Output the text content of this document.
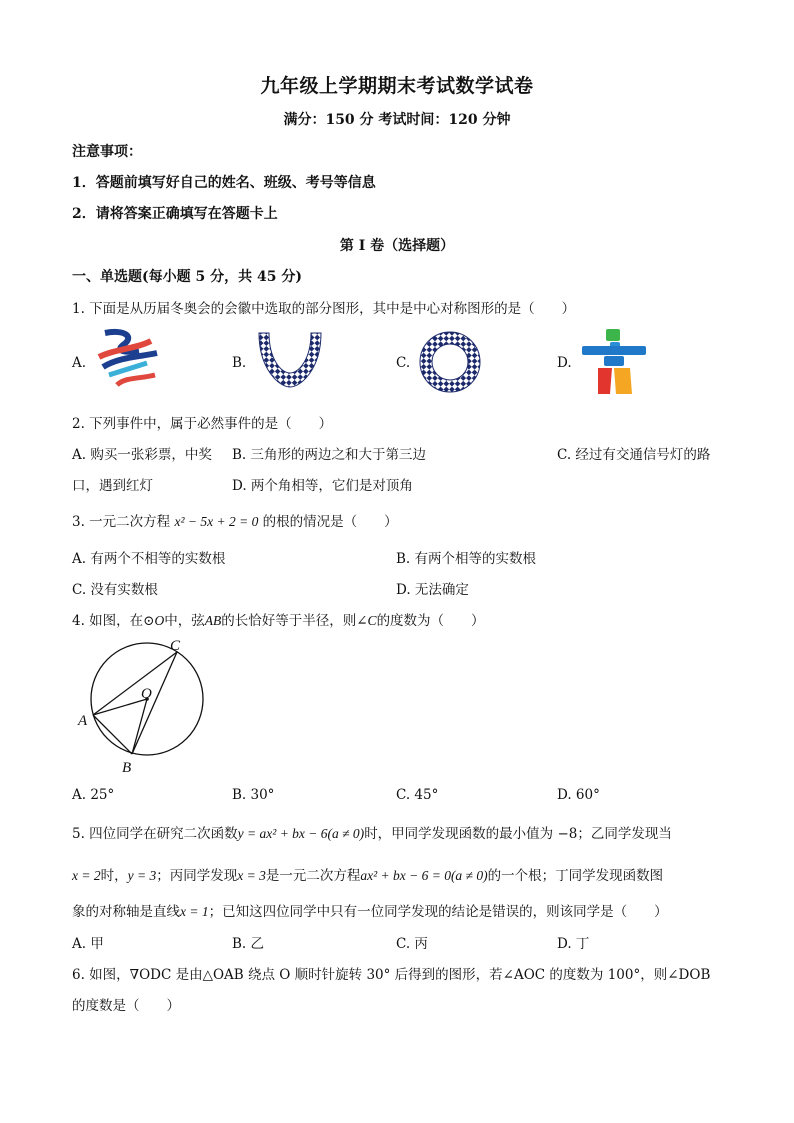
九年级上学期期末考试数学试卷
满分：150 分 考试时间：120 分钟
注意事项：
1．答题前填写好自己的姓名、班级、考号等信息
2．请将答案正确填写在答题卡上
第 I 卷（选择题）
一、单选题(每小题 5 分，共 45 分)
1. 下面是从历届冬奥会的会徽中选取的部分图形，其中是中心对称图形的是（　　）
A.	B.	C.	D.
2. 下列事件中，属于必然事件的是（　　）
A. 购买一张彩票，中奖 B. 三角形的两边之和大于第三边	C. 经过有交通信号灯的路
口，遇到红灯	D. 两个角相等，它们是对顶角
3. 一元二次方程 x² − 5x + 2 = 0 的根的情况是（　　）
A. 有两个不相等的实数根	B. 有两个相等的实数根
C. 没有实数根	D. 无法确定
4. 如图，在⊙O中，弦AB的长恰好等于半径，则∠C的度数为（　　）
C
O
A
B
A. 25°	B. 30°	C. 45°	D. 60°
5. 四位同学在研究二次函数y = ax² + bx − 6(a ≠ 0)时，甲同学发现函数的最小值为 −8；乙同学发现当
x = 2时，y = 3；丙同学发现x = 3是一元二次方程ax² + bx − 6 = 0(a ≠ 0)的一个根；丁同学发现函数图
象的对称轴是直线x = 1；已知这四位同学中只有一位同学发现的结论是错误的，则该同学是（　　）
A. 甲	B. 乙	C. 丙	D. 丁
6. 如图，∇ODC 是由△OAB 绕点 O 顺时针旋转 30° 后得到的图形，若∠AOC 的度数为 100°，则∠DOB
的度数是（　　）
